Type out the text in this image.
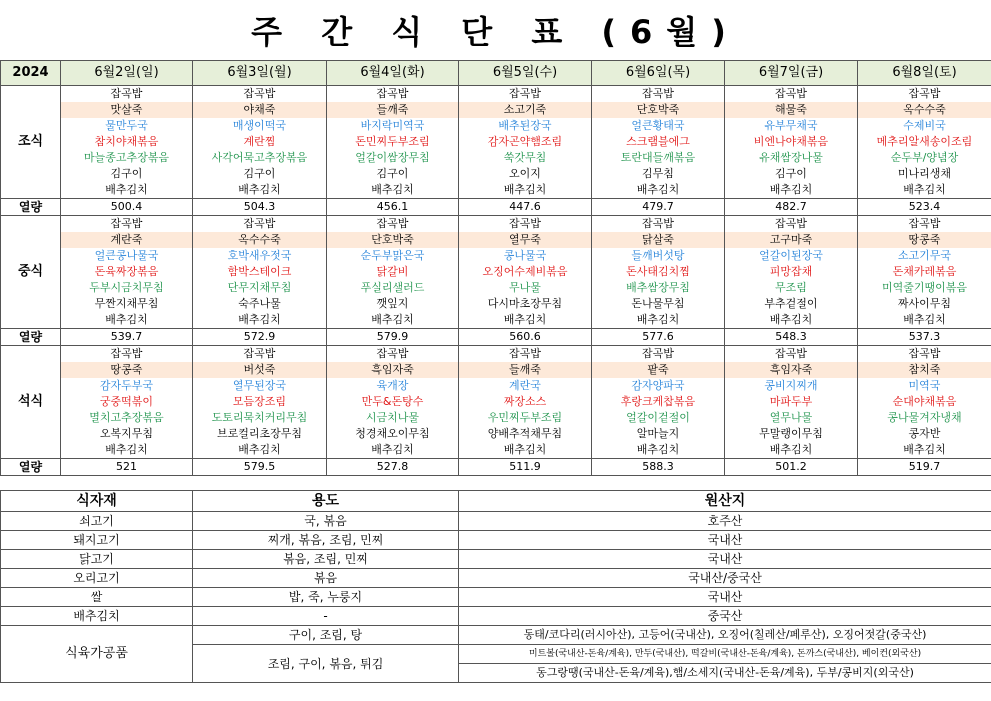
주 간 식 단 표 (6월)
2024	6월2일(일)	6월3일(월)	6월4일(화)	6월5일(수)	6월6일(목)	6월7일(금)	6월8일(토)
조식	잡곡밥	잡곡밥	잡곡밥	잡곡밥	잡곡밥	잡곡밥	잡곡밥
	맛살죽	야채죽	들깨죽	소고기죽	단호박죽	해물죽	옥수수죽
	물만두국	매생이떡국	바지락미역국	배추된장국	얼큰황태국	유부무채국	수제비국
	참치야채볶음	계란찜	돈민찌두부조림	감자곤약햄조림	스크램블에그	비엔나야채볶음	메추리알새송이조림
	마늘종고추장볶음	사각어묵고추장볶음	얼갈이쌈장무침	쑥갓무침	토란대들깨볶음	유채쌈장나물	순두부/양념장
	김구이	김구이	김구이	오이지	김무침	김구이	미나리생채
	배추김치	배추김치	배추김치	배추김치	배추김치	배추김치	배추김치
열량	500.4	504.3	456.1	447.6	479.7	482.7	523.4
중식	잡곡밥	잡곡밥	잡곡밥	잡곡밥	잡곡밥	잡곡밥	잡곡밥
	계란죽	옥수수죽	단호박죽	열무죽	닭살죽	고구마죽	땅콩죽
	얼큰콩나물국	호박새우젓국	순두부맑은국	콩나물국	들깨버섯탕	얼갈이된장국	소고기무국
	돈육짜장볶음	함박스테이크	닭갈비	오징어수제비볶음	돈사태김치찜	피망잡채	돈채카레볶음
	두부시금치무침	단무지채무침	푸실리샐러드	무나물	배추쌈장무침	무조림	미역줄기땡이볶음
	무짠지채무침	숙주나물	깻잎지	다시마초장무침	돈나물무침	부추겉절이	짜사이무침
	배추김치	배추김치	배추김치	배추김치	배추김치	배추김치	배추김치
열량	539.7	572.9	579.9	560.6	577.6	548.3	537.3
석식	잡곡밥	잡곡밥	잡곡밥	잡곡밥	잡곡밥	잡곡밥	잡곡밥
	땅콩죽	버섯죽	흑임자죽	들깨죽	팥죽	흑임자죽	참치죽
	감자두부국	열무된장국	육개장	계란국	감자양파국	콩비지찌개	미역국
	궁중떡볶이	모듬장조림	만두&돈탕수	짜장소스	후랑크케찹볶음	마파두부	순대야채볶음
	멸치고추장볶음	도토리묵치커리무침	시금치나물	우민찌두부조림	얼갈이겉절이	열무나물	콩나물겨자냉채
	오복지무침	브로컬리초장무침	청경채오이무침	양배추적채무침	알마늘지	무말랭이무침	콩자반
	배추김치	배추김치	배추김치	배추김치	배추김치	배추김치	배추김치
열량	521	579.5	527.8	511.9	588.3	501.2	519.7
식자재	용도	원산지
쇠고기	국, 볶음	호주산
돼지고기	찌개, 볶음, 조림, 민찌	국내산
닭고기	볶음, 조림, 민찌	국내산
오리고기	볶음	국내산/중국산
쌀	밥, 죽, 누룽지	국내산
배추김치	-	중국산
식육가공품	구이, 조림, 탕	동태/코다리(러시아산), 고등어(국내산), 오징어(칠레산/페루산), 오징어젓갈(중국산)
	조림, 구이, 볶음, 튀김	미트볼(국내산-돈육/계육), 만두(국내산), 떡갈비(국내산-돈육/계육), 돈까스(국내산), 베이컨(외국산)
		동그랑땡(국내산-돈육/계육),햄/소세지(국내산-돈육/계육), 두부/콩비지(외국산)
